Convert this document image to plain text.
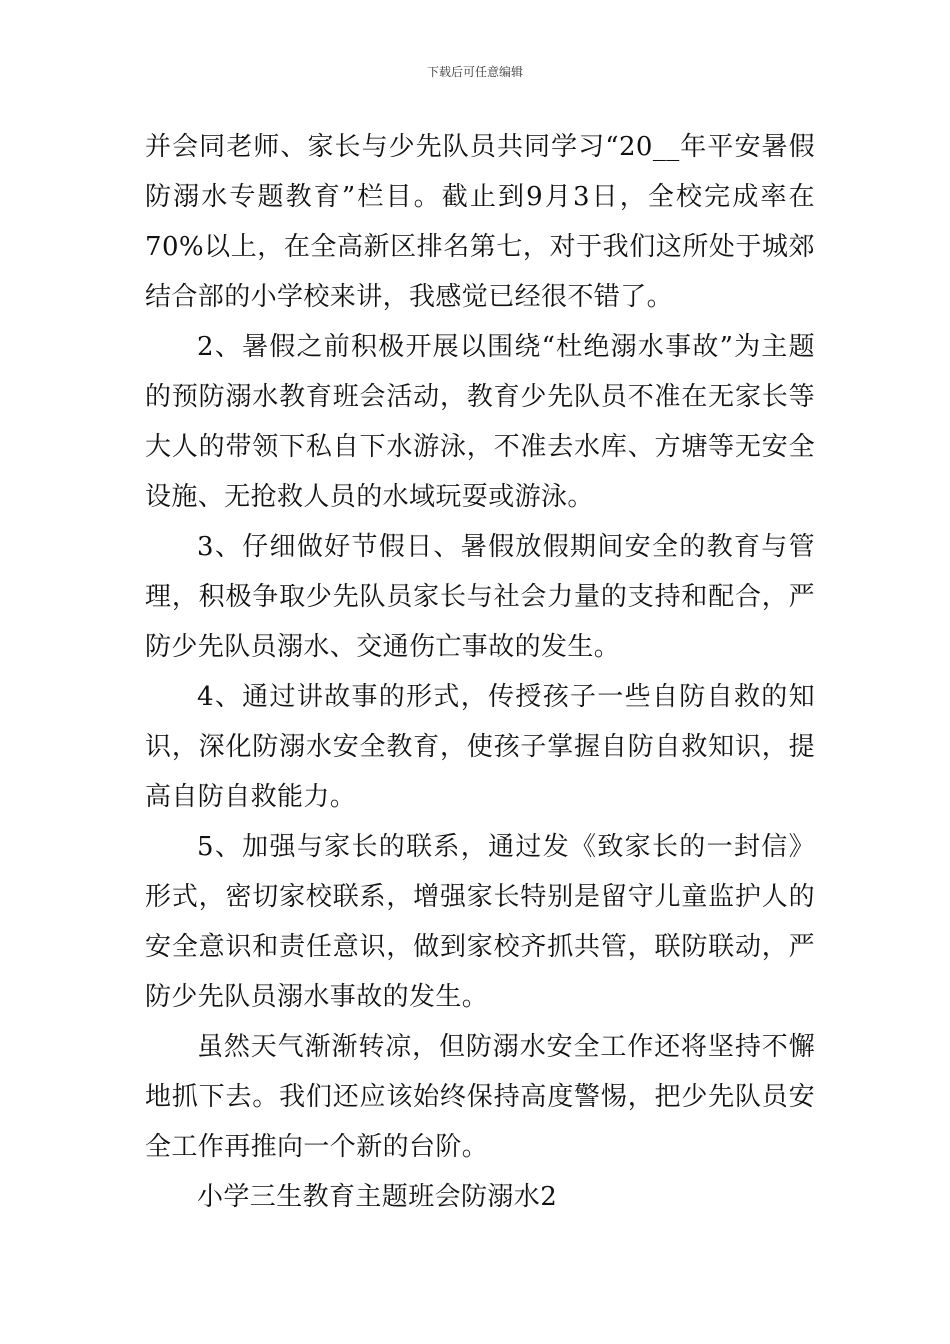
下载后可任意编辑

并会同老师、家长与少先队员共同学习“20__年平安暑假防溺水专题教育”栏目。截止到9月3日，全校完成率在70%以上，在全高新区排名第七，对于我们这所处于城郊结合部的小学校来讲，我感觉已经很不错了。

2、暑假之前积极开展以围绕“杜绝溺水事故”为主题的预防溺水教育班会活动，教育少先队员不准在无家长等大人的带领下私自下水游泳，不准去水库、方塘等无安全设施、无抢救人员的水域玩耍或游泳。

3、仔细做好节假日、暑假放假期间安全的教育与管理，积极争取少先队员家长与社会力量的支持和配合，严防少先队员溺水、交通伤亡事故的发生。

4、通过讲故事的形式，传授孩子一些自防自救的知识，深化防溺水安全教育，使孩子掌握自防自救知识，提高自防自救能力。

5、加强与家长的联系，通过发《致家长的一封信》形式，密切家校联系，增强家长特别是留守儿童监护人的安全意识和责任意识，做到家校齐抓共管，联防联动，严防少先队员溺水事故的发生。

虽然天气渐渐转凉，但防溺水安全工作还将坚持不懈地抓下去。我们还应该始终保持高度警惕，把少先队员安全工作再推向一个新的台阶。

小学三生教育主题班会防溺水2
